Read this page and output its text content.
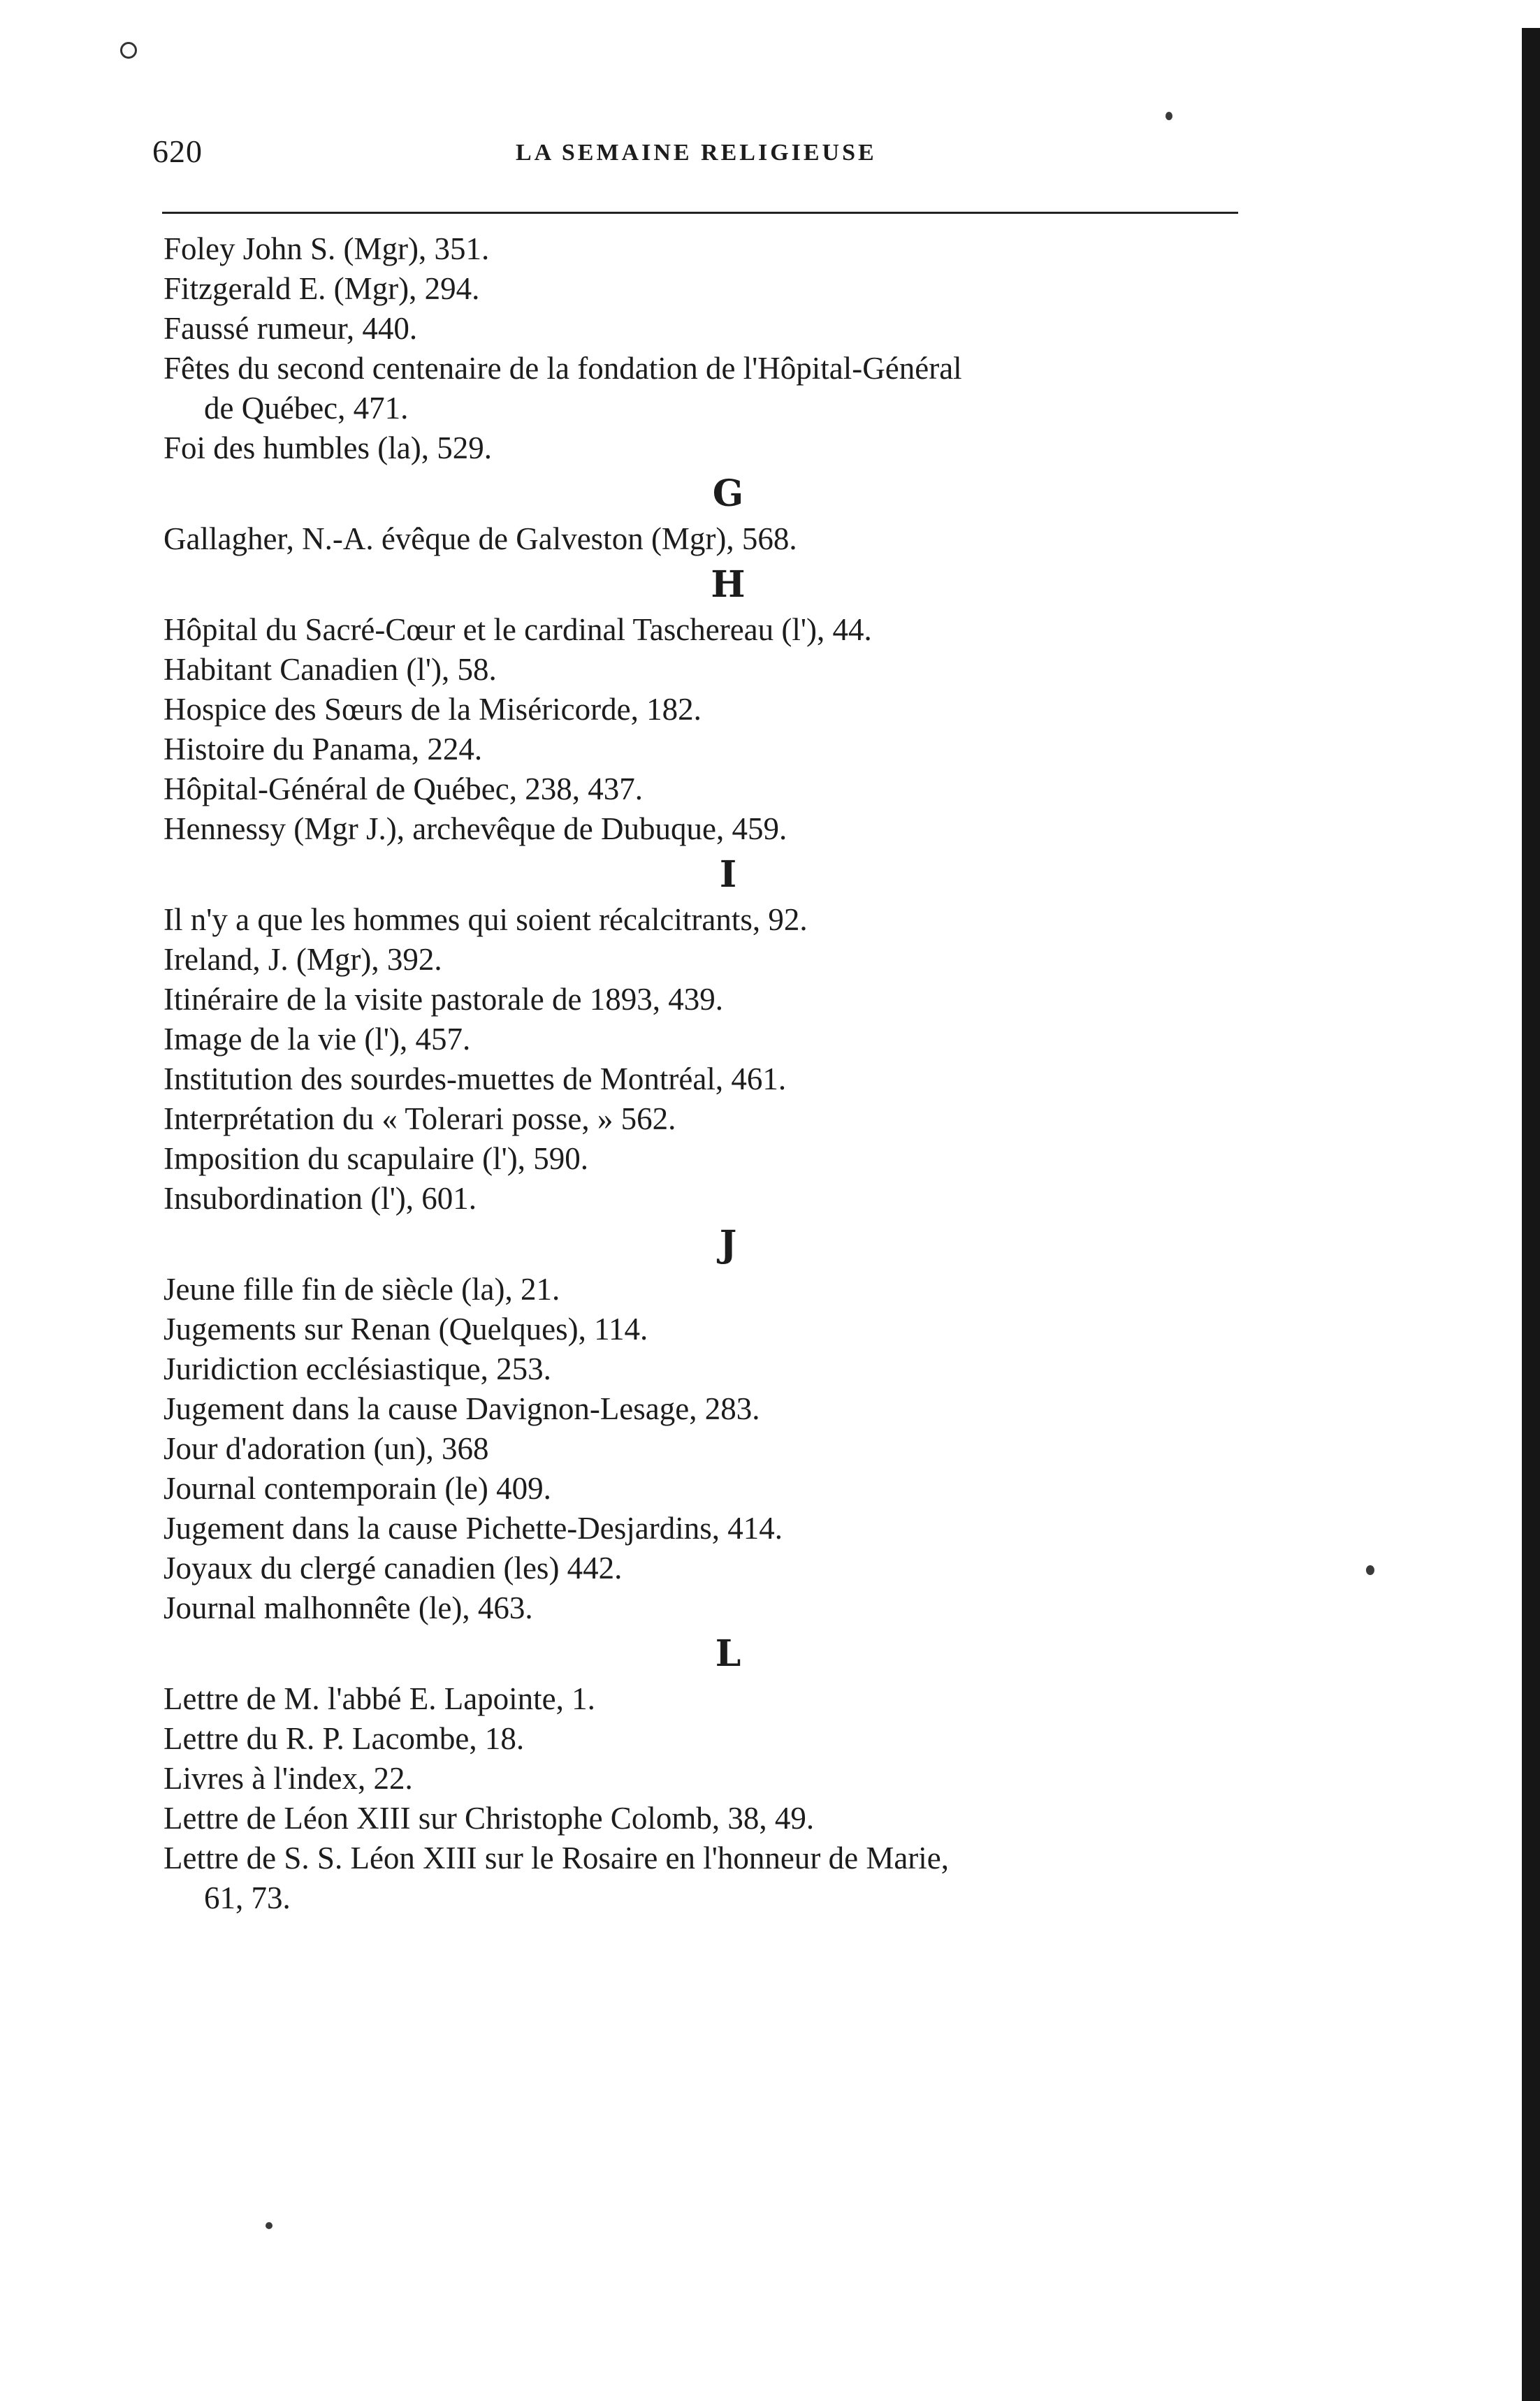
620	LA SEMAINE RELIGIEUSE
Foley John S. (Mgr), 351.
Fitzgerald E. (Mgr), 294.
Faussé rumeur, 440.
Fêtes du second centenaire de la fondation de l'Hôpital-Général
de Québec, 471.
Foi des humbles (la), 529.
G
Gallagher, N.-A. évêque de Galveston (Mgr), 568.
H
Hôpital du Sacré-Cœur et le cardinal Taschereau (l'), 44.
Habitant Canadien (l'), 58.
Hospice des Sœurs de la Miséricorde, 182.
Histoire du Panama, 224.
Hôpital-Général de Québec, 238, 437.
Hennessy (Mgr J.), archevêque de Dubuque, 459.
I
Il n'y a que les hommes qui soient récalcitrants, 92.
Ireland, J. (Mgr), 392.
Itinéraire de la visite pastorale de 1893, 439.
Image de la vie (l'), 457.
Institution des sourdes-muettes de Montréal, 461.
Interprétation du « Tolerari posse, » 562.
Imposition du scapulaire (l'), 590.
Insubordination (l'), 601.
J
Jeune fille fin de siècle (la), 21.
Jugements sur Renan (Quelques), 114.
Juridiction ecclésiastique, 253.
Jugement dans la cause Davignon-Lesage, 283.
Jour d'adoration (un), 368
Journal contemporain (le) 409.
Jugement dans la cause Pichette-Desjardins, 414.
Joyaux du clergé canadien (les) 442.
Journal malhonnête (le), 463.
L
Lettre de M. l'abbé E. Lapointe, 1.
Lettre du R. P. Lacombe, 18.
Livres à l'index, 22.
Lettre de Léon XIII sur Christophe Colomb, 38, 49.
Lettre de S. S. Léon XIII sur le Rosaire en l'honneur de Marie,
61, 73.
